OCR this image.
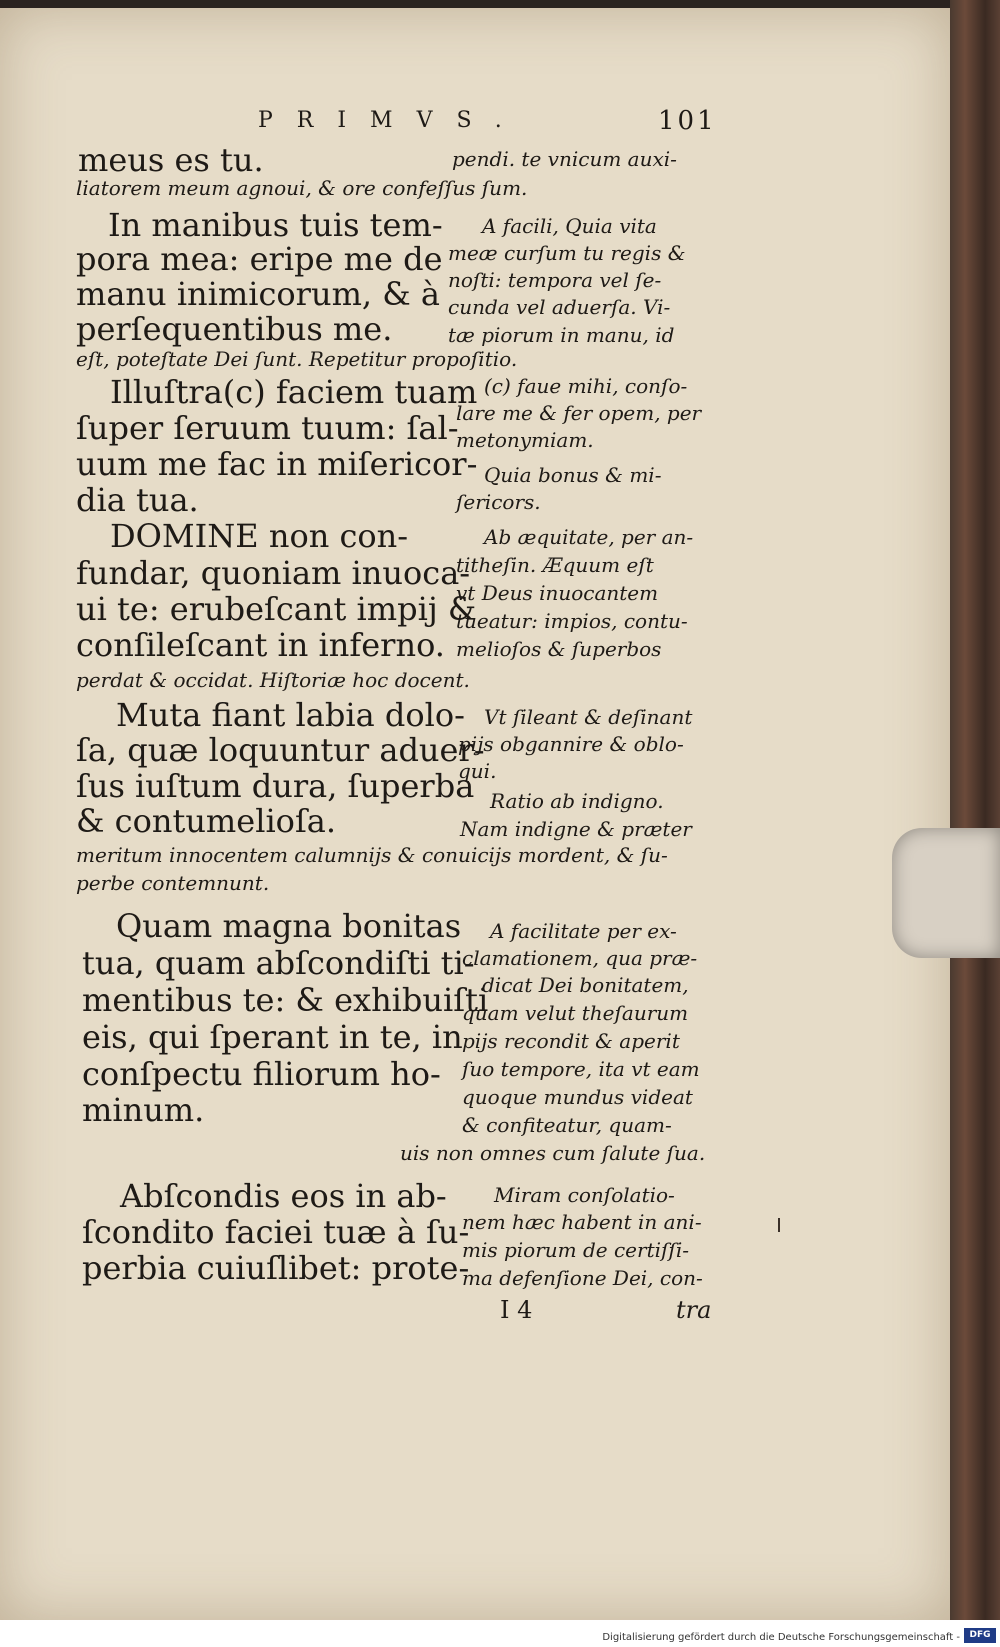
PRIMVS.	101
meus es tu.
In manibus tuis tem-
pora mea: eripe me de
manu inimicorum, & à
perſequentibus me.
Illuſtra(c) faciem tuam
ſuper ſeruum tuum: ſal-
uum me fac in miſericor-
dia tua.
DOMINE non con-
fundar, quoniam inuoca-
ui te: erubeſcant impij &
conſileſcant in inferno.
Muta fiant labia dolo-
ſa, quæ loquuntur aduer-
ſus iuſtum dura, ſuperba
& contumelioſa.
Quam magna bonitas
tua, quam abſcondiſti ti-
mentibus te: & exhibuiſti
eis, qui ſperant in te, in
conſpectu filiorum ho-
minum.
Abſcondis eos in ab-
ſcondito faciei tuæ à ſu-
perbia cuiuſlibet: prote-
pendi. te vnicum auxi-
A facili, Quia vita
meæ curſum tu regis &
noſti: tempora vel ſe-
cunda vel aduerſa. Vi-
tæ piorum in manu, id
(c) faue mihi, conſo-
lare me & fer opem, per
metonymiam.
Quia bonus & mi-
ſericors.
Ab æquitate, per an-
titheſin. Æquum eſt
vt Deus inuocantem
tueatur: impios, contu-
melioſos & ſuperbos
Vt ſileant & deſinant
pijs obgannire & oblo-
qui.
Ratio ab indigno.
Nam indigne & præter
A facilitate per ex-
clamationem, qua præ-
dicat Dei bonitatem,
quam velut theſaurum
pijs recondit & aperit
ſuo tempore, ita vt eam
quoque mundus videat
& confiteatur, quam-
Miram conſolatio-
nem hæc habent in ani-
mis piorum de certiſſi-
ma defenſione Dei, con-
liatorem meum agnoui, & ore confeſſus ſum.
eſt, poteſtate Dei ſunt. Repetitur propoſitio.
perdat & occidat. Hiſtoriæ hoc docent.
meritum innocentem calumnijs & conuicijs mordent, & ſu-
perbe contemnunt.
uis non omnes cum ſalute ſua.
I 4	tra
Digitalisierung gefördert durch die Deutsche Forschungsgemeinschaft -	DFG
